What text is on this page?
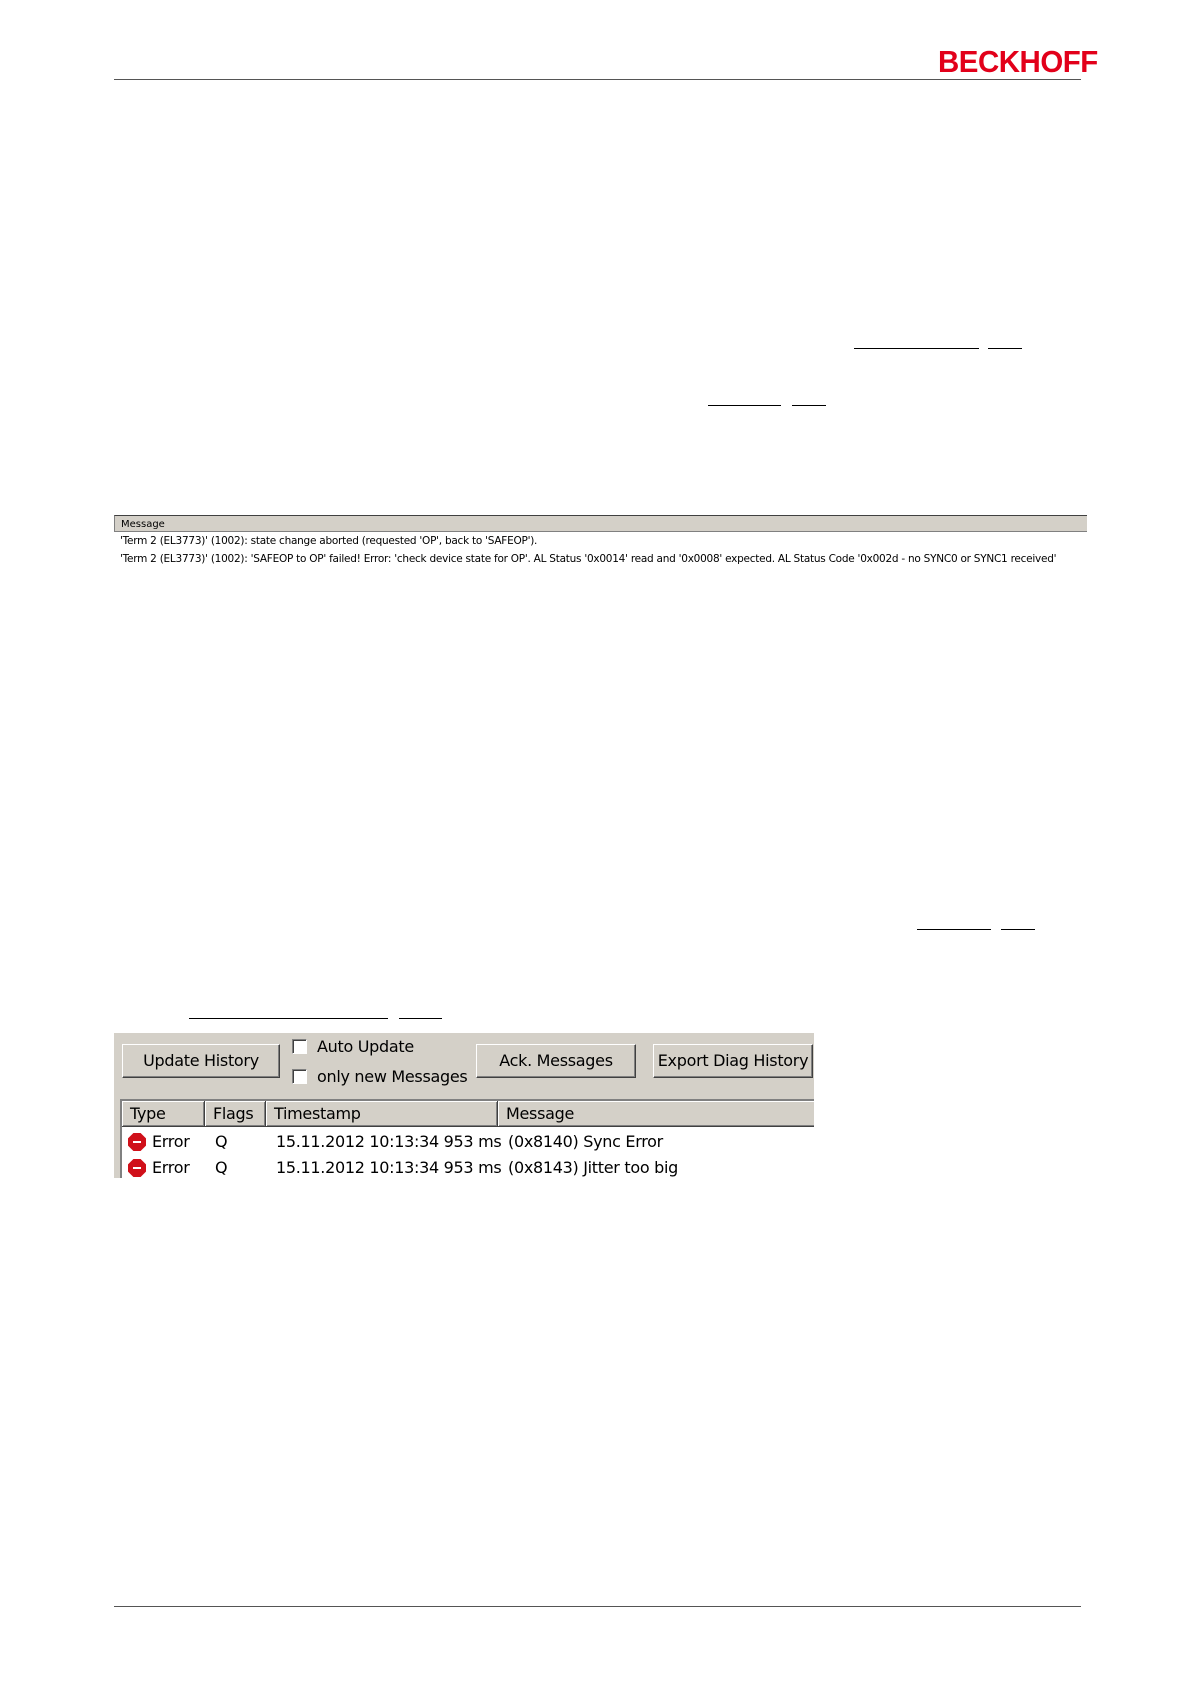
BECKHOFF
Message
'Term 2 (EL3773)' (1002): state change aborted (requested 'OP', back to 'SAFEOP').
'Term 2 (EL3773)' (1002): 'SAFEOP to OP' failed! Error: 'check device state for OP'. AL Status '0x0014' read and '0x0008' expected. AL Status Code '0x002d - no SYNC0 or SYNC1 received'
Update History
Auto Update
only new Messages
Ack. Messages	Export Diag History
Type	Flags	Timestamp	Message
Error Q	15.11.2012 10:13:34 953 ms (0x8140) Sync Error
Error Q	15.11.2012 10:13:34 953 ms (0x8143) Jitter too big
